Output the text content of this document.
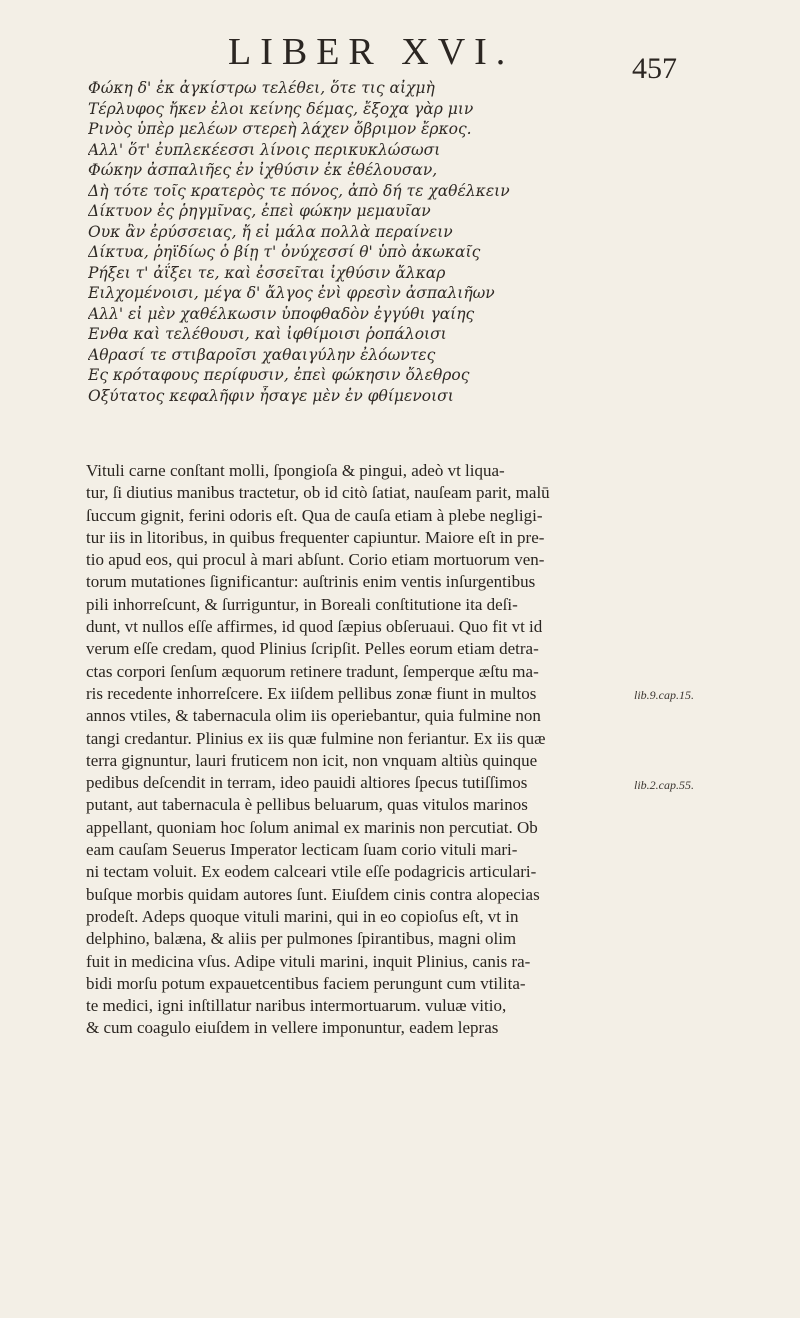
LIBER XVI.	457
Φώκη δ' ἐκ ἀγκίστρω τελέθει, ὅτε τις αἰχμὴ
Τέρλυφος ἤκεν ἐλοι κείνης δέμας, ἔξοχα γὰρ μιν
Ρινὸς ὑπὲρ μελέων στερεὴ λάχεν ὄβριμον ἔρκος.
Αλλ' ὅτ' ἐυπλεκέεσσι λίνοις περικυκλώσωσι
Φώκην ἀσπαλιῆες ἐν ἰχθύσιν ἐκ ἐθέλουσαν,
Δὴ τότε τοῖς κρατερὸς τε πόνος, ἀπὸ δή τε χαθέλκειν
Δίκτυον ἐς ῥηγμῖνας, ἐπεὶ φώκην μεμαυῖαν
Ουκ ἂν ἐρύσσειας, ἤ εἰ μάλα πολλὰ περαίνειν
Δίκτυα, ῥηϊδίως ὁ βίῃ τ' ὀνύχεσσί θ' ὑπὸ ἀκωκαῖς
Ρήξει τ' ἀΐξει τε, καὶ ἐσσεῖται ἰχθύσιν ἄλκαρ
Ειλχομένοισι, μέγα δ' ἄλγος ἐνὶ φρεσὶν ἀσπαλιῆων
Αλλ' εἰ μὲν χαθέλκωσιν ὑποφθαδὸν ἐγγύθι γαίης
Ενθα καὶ τελέθουσι, καὶ ἰφθίμοισι ῥοπάλοισι
Αθρασί τε στιβαροῖσι χαθαιγύλην ἐλόωντες
Ες κρόταφους περίφυσιν, ἐπεὶ φώκησιν ὄλεθρος
Οξύτατος κεφαλῆφιν ἦσαγε μὲν ἐν φθίμενοισι
Vituli carne conſtant molli, ſpongioſa & pingui, adeò vt liqua-
tur, ſi diutius manibus tractetur, ob id citò ſatiat, nauſeam parit, malū
ſuccum gignit, ferini odoris eſt. Qua de cauſa etiam à plebe negligi-
tur iis in litoribus, in quibus frequenter capiuntur. Maiore eſt in pre-
tio apud eos, qui procul à mari abſunt. Corio etiam mortuorum ven-
torum mutationes ſignificantur: auſtrinis enim ventis inſurgentibus
pili inhorreſcunt, & ſurriguntur, in Boreali conſtitutione ita deſi-
dunt, vt nullos eſſe affirmes, id quod ſæpius obſeruaui. Quo fit vt id
verum eſſe credam, quod Plinius ſcripſit. Pelles eorum etiam detra-
ctas corpori ſenſum æquorum retinere tradunt, ſemperque æſtu ma-
ris recedente inhorreſcere. Ex iiſdem pellibus zonæ fiunt in multos
annos vtiles, & tabernacula olim iis operiebantur, quia fulmine non
tangi credantur. Plinius ex iis quæ fulmine non feriantur. Ex iis quæ
terra gignuntur, lauri fruticem non icit, non vnquam altiùs quinque
pedibus deſcendit in terram, ideo pauidi altiores ſpecus tutiſſimos
putant, aut tabernacula è pellibus beluarum, quas vitulos marinos
appellant, quoniam hoc ſolum animal ex marinis non percutiat. Ob
eam cauſam Seuerus Imperator lecticam ſuam corio vituli mari-
ni tectam voluit. Ex eodem calceari vtile eſſe podagricis articulari-
buſque morbis quidam autores ſunt. Eiuſdem cinis contra alopecias
prodeſt. Adeps quoque vituli marini, qui in eo copioſus eſt, vt in
delphino, balæna, & aliis per pulmones ſpirantibus, magni olim
fuit in medicina vſus. Adipe vituli marini, inquit Plinius, canis ra-
bidi morſu potum expauetcentibus faciem perungunt cum vtilita-
te medici, igni inſtillatur naribus intermortuarum. vuluæ vitio,
& cum coagulo eiuſdem in vellere imponuntur, eadem lepras
lib.9.cap.15.
lib.2.cap.55.
